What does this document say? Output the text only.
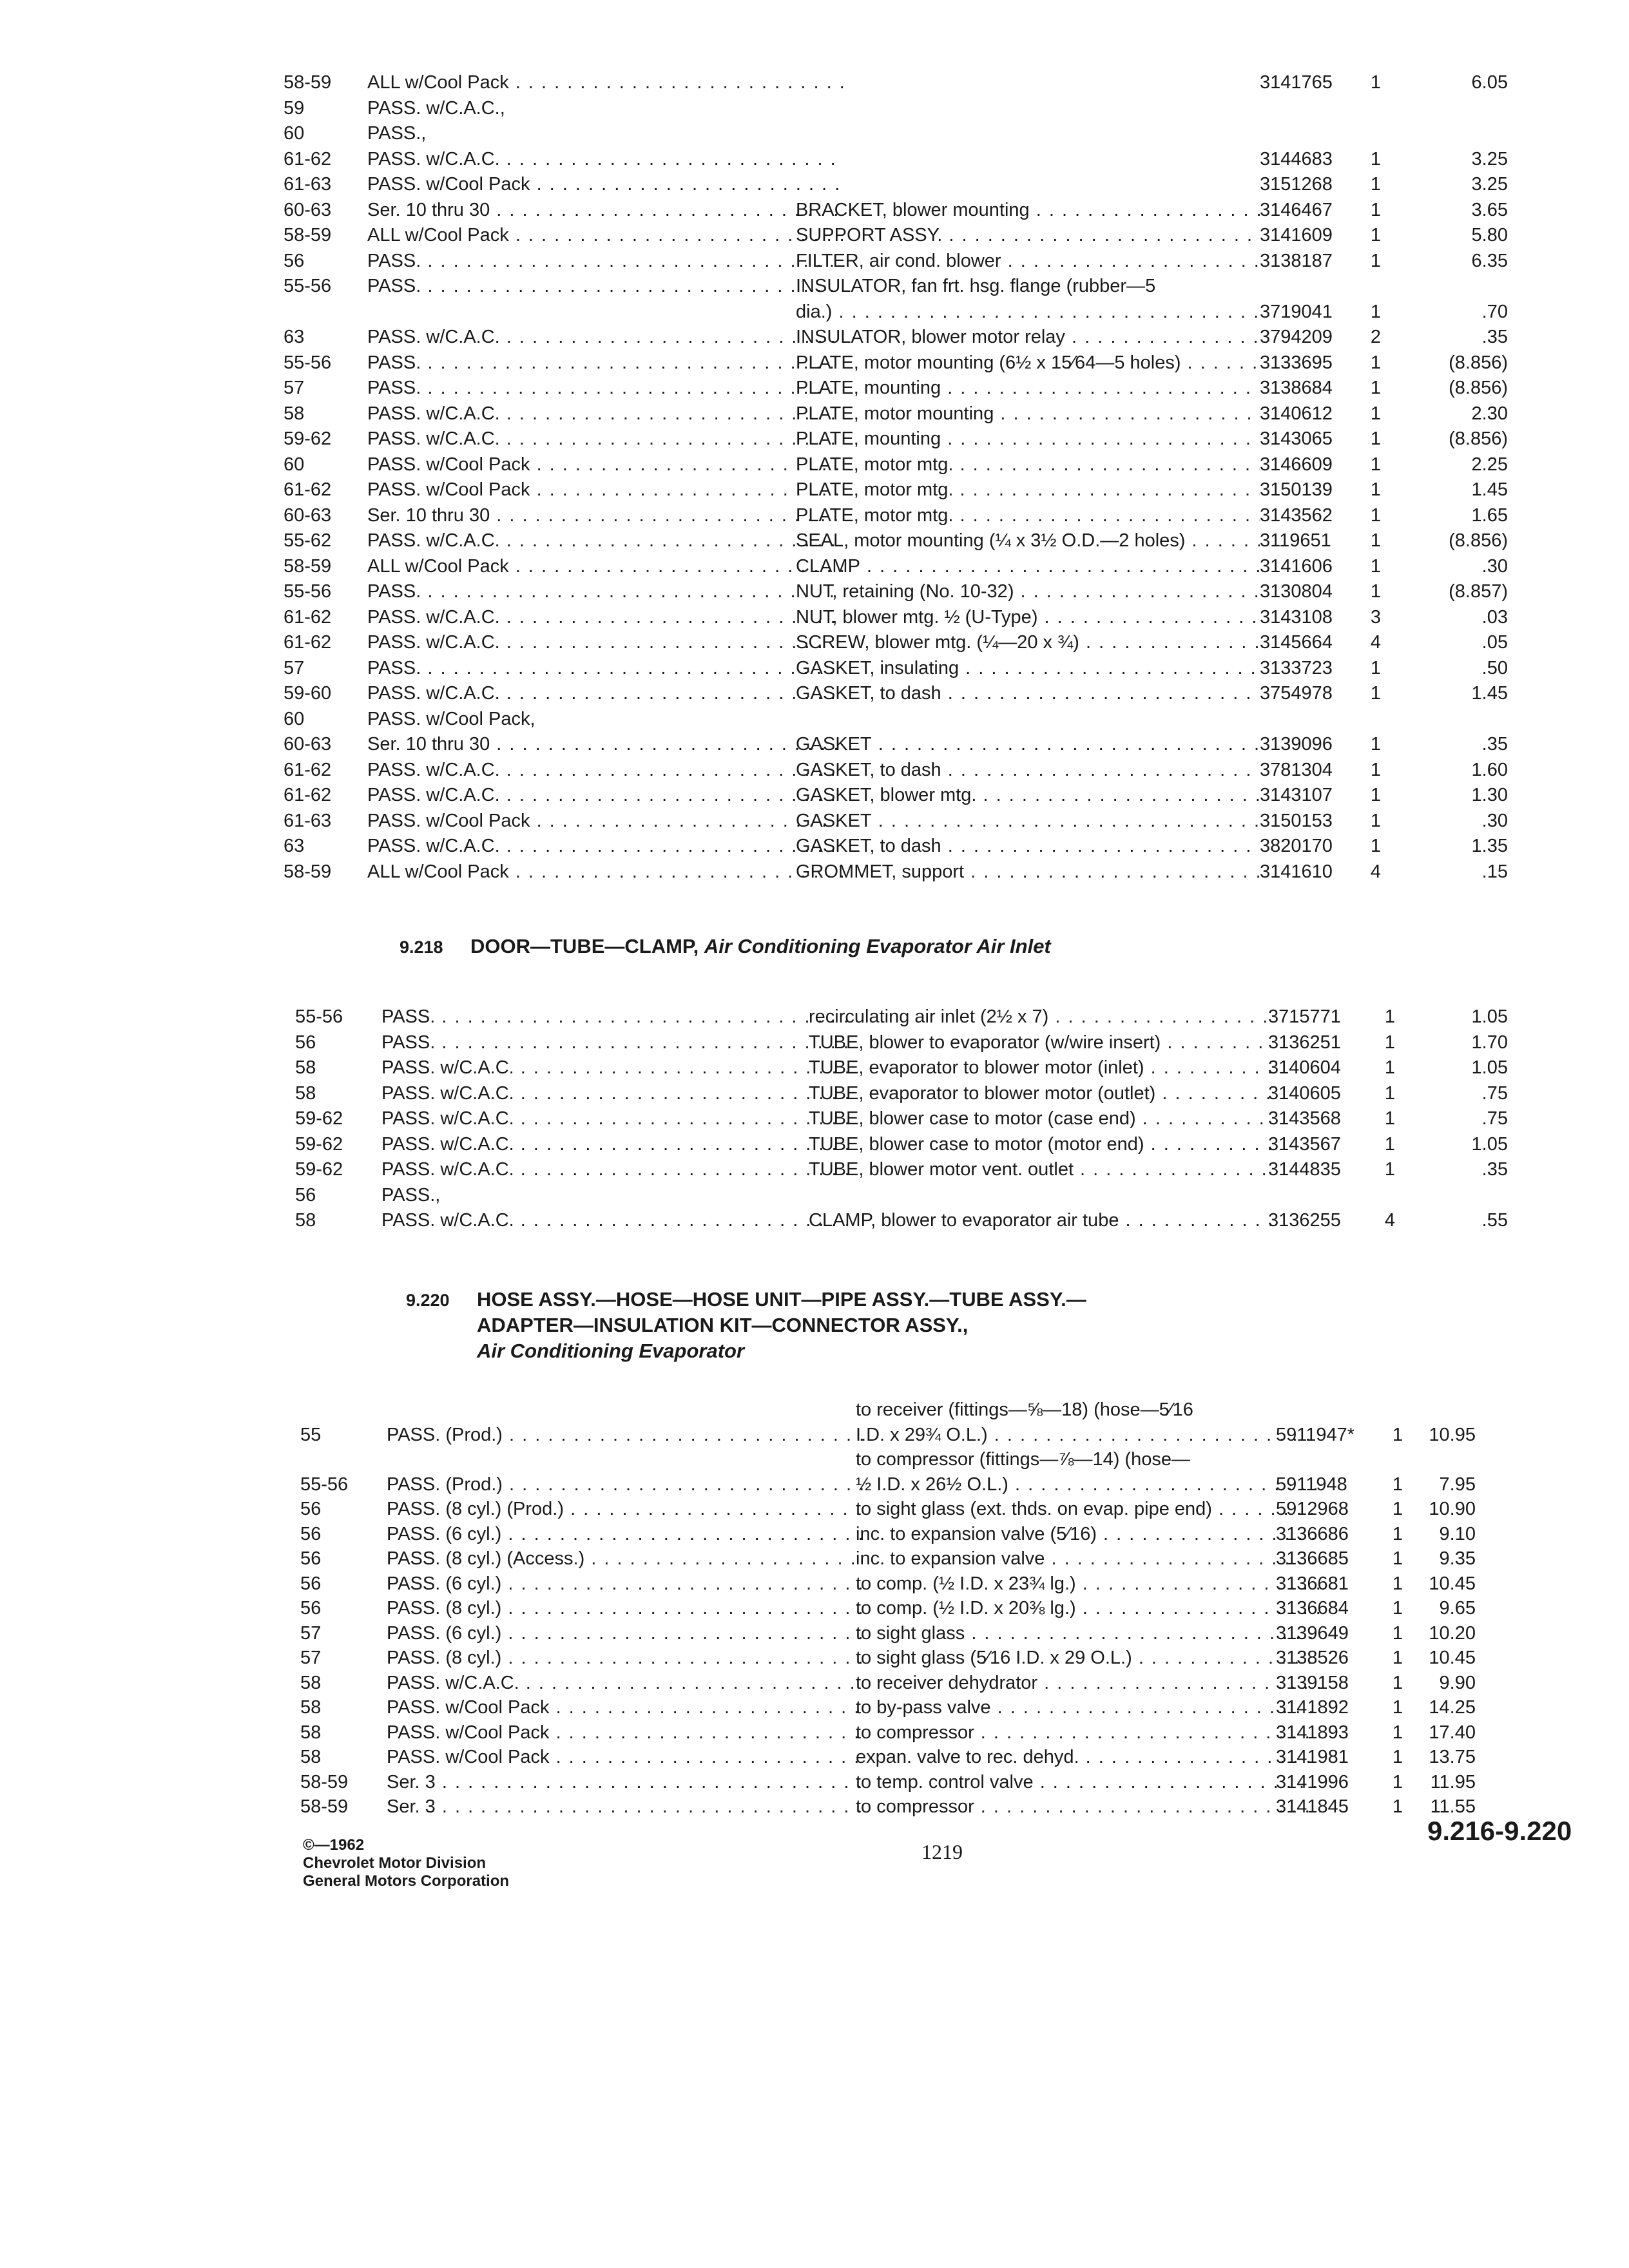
58-59	ALL w/Cool Pack . . .	3141765	1	6.05
59	PASS. w/C.A.C.,
60	PASS.,
61-62	PASS. w/C.A.C. . . .	3144683	1	3.25
61-63	PASS. w/Cool Pack . . .	3151268	1	3.25
60-63	Ser. 10 thru 30 . . .	BRACKET, blower mounting . . .	3146467	1	3.65
58-59	ALL w/Cool Pack . . .	SUPPORT ASSY. . . .	3141609	1	5.80
56	PASS. . . .	FILTER, air cond. blower . . .	3138187	1	6.35
55-56	PASS. . . .	INSULATOR, fan frt. hsg. flange (rubber—5
dia.) . . .	3719041	1	.70
63	PASS. w/C.A.C. . . .	INSULATOR, blower motor relay . . .	3794209	2	.35
55-56	PASS. . . .	PLATE, motor mounting (6½ x 15⁄64—5 holes) . . .	3133695	1	(8.856)
57	PASS. . . .	PLATE, mounting . . .	3138684	1	(8.856)
58	PASS. w/C.A.C. . . .	PLATE, motor mounting . . .	3140612	1	2.30
59-62	PASS. w/C.A.C. . . .	PLATE, mounting . . .	3143065	1	(8.856)
60	PASS. w/Cool Pack . . .	PLATE, motor mtg. . . .	3146609	1	2.25
61-62	PASS. w/Cool Pack . . .	PLATE, motor mtg. . . .	3150139	1	1.45
60-63	Ser. 10 thru 30 . . .	PLATE, motor mtg. . . .	3143562	1	1.65
55-62	PASS. w/C.A.C. . . .	SEAL, motor mounting (¼ x 3½ O.D.—2 holes) . . .	3119651	1	(8.856)
58-59	ALL w/Cool Pack . . .	CLAMP . . .	3141606	1	.30
55-56	PASS. . . .	NUT, retaining (No. 10-32) . . .	3130804	1	(8.857)
61-62	PASS. w/C.A.C. . . .	NUT, blower mtg. ½ (U-Type) . . .	3143108	3	.03
61-62	PASS. w/C.A.C. . . .	SCREW, blower mtg. (¼—20 x ¾) . . .	3145664	4	.05
57	PASS. . . .	GASKET, insulating . . .	3133723	1	.50
59-60	PASS. w/C.A.C. . . .	GASKET, to dash . . .	3754978	1	1.45
60	PASS. w/Cool Pack,
60-63	Ser. 10 thru 30 . . .	GASKET . . .	3139096	1	.35
61-62	PASS. w/C.A.C. . . .	GASKET, to dash . . .	3781304	1	1.60
61-62	PASS. w/C.A.C. . . .	GASKET, blower mtg. . . .	3143107	1	1.30
61-63	PASS. w/Cool Pack . . .	GASKET . . .	3150153	1	.30
63	PASS. w/C.A.C. . . .	GASKET, to dash . . .	3820170	1	1.35
58-59	ALL w/Cool Pack . . .	GROMMET, support . . .	3141610	4	.15
9.218 DOOR—TUBE—CLAMP, Air Conditioning Evaporator Air Inlet
55-56	PASS. . . .	recirculating air inlet (2½ x 7) . . .	3715771	1	1.05
56	PASS. . . .	TUBE, blower to evaporator (w/wire insert) . . .	3136251	1	1.70
58	PASS. w/C.A.C. . . .	TUBE, evaporator to blower motor (inlet) . . .	3140604	1	1.05
58	PASS. w/C.A.C. . . .	TUBE, evaporator to blower motor (outlet) . . .	3140605	1	.75
59-62	PASS. w/C.A.C. . . .	TUBE, blower case to motor (case end) . . .	3143568	1	.75
59-62	PASS. w/C.A.C. . . .	TUBE, blower case to motor (motor end) . . .	3143567	1	1.05
59-62	PASS. w/C.A.C. . . .	TUBE, blower motor vent. outlet . . .	3144835	1	.35
56	PASS.,
58	PASS. w/C.A.C. . . .	CLAMP, blower to evaporator air tube . . .	3136255	4	.55
9.220 HOSE ASSY.—HOSE—HOSE UNIT—PIPE ASSY.—TUBE ASSY.—
ADAPTER—INSULATION KIT—CONNECTOR ASSY.,
Air Conditioning Evaporator
to receiver (fittings—⅝—18) (hose—5⁄16
55	PASS. (Prod.) . . .	I.D. x 29¾ O.L.) . . .	5911947*	1	10.95
to compressor (fittings—⅞—14) (hose—
55-56	PASS. (Prod.) . . .	½ I.D. x 26½ O.L.) . . .	5911948	1	7.95
56	PASS. (8 cyl.) (Prod.) . . .	to sight glass (ext. thds. on evap. pipe end) . . .	5912968	1	10.90
56	PASS. (6 cyl.) . . .	inc. to expansion valve (5⁄16) . . .	3136686	1	9.10
56	PASS. (8 cyl.) (Access.) . . .	inc. to expansion valve . . .	3136685	1	9.35
56	PASS. (6 cyl.) . . .	to comp. (½ I.D. x 23¾ lg.) . . .	3136681	1	10.45
56	PASS. (8 cyl.) . . .	to comp. (½ I.D. x 20⅜ lg.) . . .	3136684	1	9.65
57	PASS. (6 cyl.) . . .	to sight glass . . .	3139649	1	10.20
57	PASS. (8 cyl.) . . .	to sight glass (5⁄16 I.D. x 29 O.L.) . . .	3138526	1	10.45
58	PASS. w/C.A.C. . . .	to receiver dehydrator . . .	3139158	1	9.90
58	PASS. w/Cool Pack . . .	to by-pass valve . . .	3141892	1	14.25
58	PASS. w/Cool Pack . . .	to compressor . . .	3141893	1	17.40
58	PASS. w/Cool Pack . . .	expan. valve to rec. dehyd. . . .	3141981	1	13.75
58-59	Ser. 3 . . .	to temp. control valve . . .	3141996	1	11.95
58-59	Ser. 3 . . .	to compressor . . .	3141845	1	11.55
©—1962
Chevrolet Motor Division
General Motors Corporation
1219
9.216-9.220
